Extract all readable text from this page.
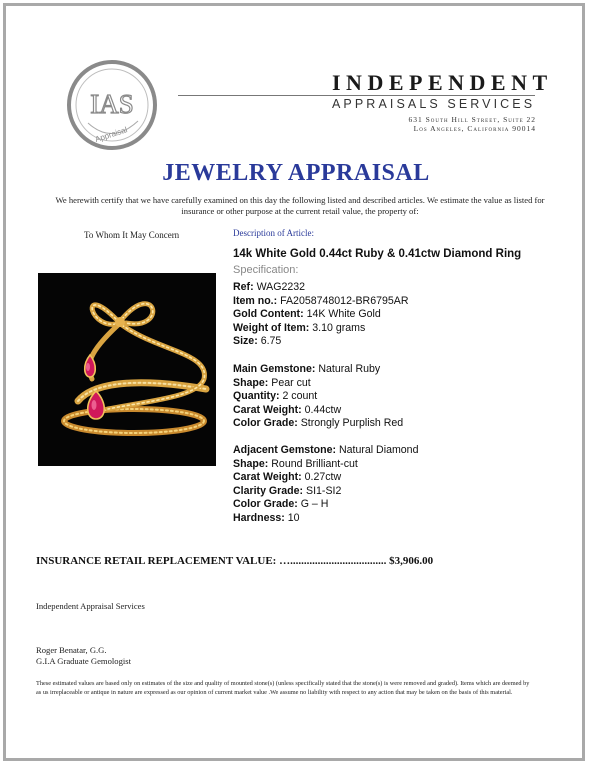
IAS
Appraisal
INDEPENDENT
APPRAISALS SERVICES
631 South Hill Street, Suite 22
Los Angeles, California 90014
JEWELRY APPRAISAL
We herewith certify that we have carefully examined on this day the following listed and described articles. We estimate the value as listed for insurance or other purpose at the current retail value, the property of:
To Whom It May Concern	Description of Article:
14k White Gold 0.44ct Ruby & 0.41ctw Diamond Ring
Specification:
Ref: WAG2232
Item no.: FA2058748012-BR6795AR
Gold Content: 14K White Gold
Weight of Item: 3.10 grams
Size: 6.75
Main Gemstone: Natural Ruby
Shape: Pear cut
Quantity: 2 count
Carat Weight: 0.44ctw
Color Grade: Strongly Purplish Red
Adjacent Gemstone: Natural Diamond
Shape: Round Brilliant-cut
Carat Weight: 0.27ctw
Clarity Grade: SI1-SI2
Color Grade: G – H
Hardness: 10
INSURANCE RETAIL REPLACEMENT VALUE: …................................... $3,906.00
Independent Appraisal Services
Roger Benatar, G.G.
G.I.A Graduate Gemologist
These estimated values are based only on estimates of the size and quality of mounted stone(s) (unless specifically stated that the stone(s) is were removed and graded). Items which are deemed by as us irreplaceable or antique in nature are expressed as our opinion of current market value .We assume no liability with respect to any action that may be taken on the basis of this material.
